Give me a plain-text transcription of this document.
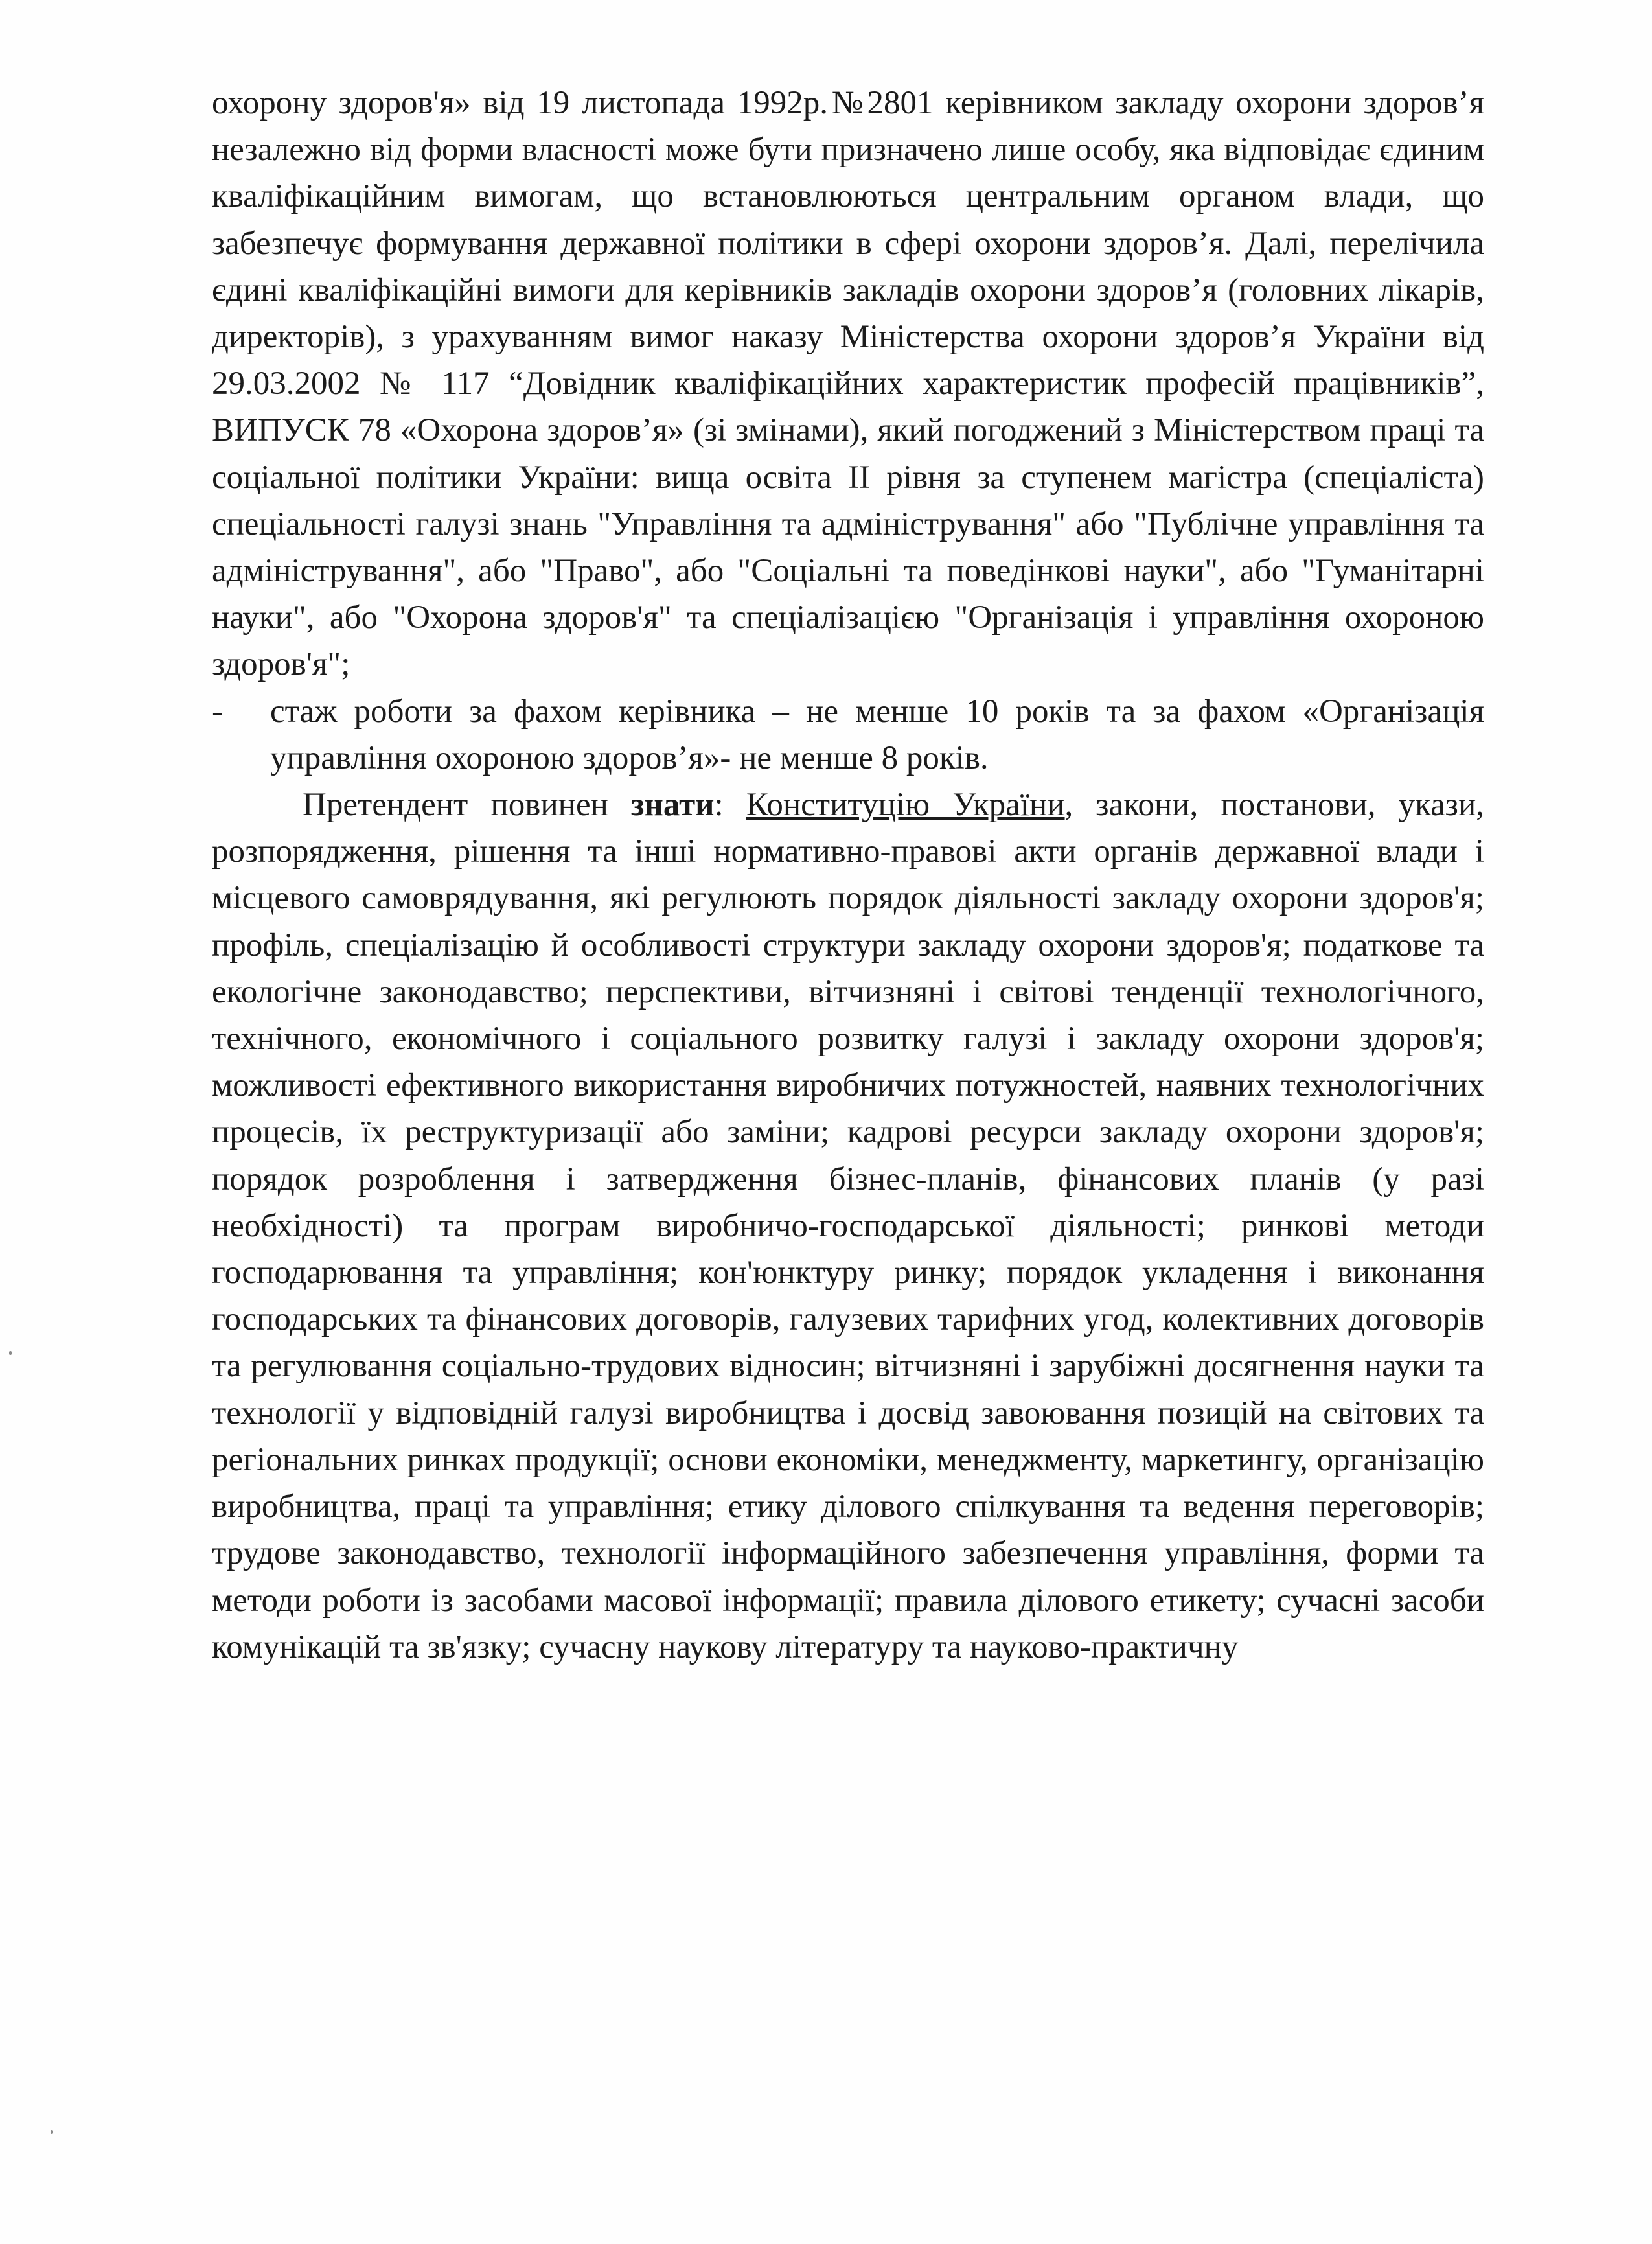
охорону здоров'я» від 19 листопада 1992р.№2801 керівником закладу охорони здоров’я незалежно від форми власності може бути призначено лише особу, яка відповідає єдиним кваліфікаційним вимогам, що встановлюються центральним органом влади, що забезпечує формування державної політики в сфері охорони здоров’я. Далі, перелічила єдині кваліфікаційні вимоги для керівників закладів охорони здоров’я (головних лікарів, директорів), з урахуванням вимог наказу Міністерства охорони здоров’я України від 29.03.2002 № 117 “Довідник кваліфікаційних характеристик професій працівників”, ВИПУСК 78 «Охорона здоров’я» (зі змінами), який погоджений з Міністерством праці та соціальної політики України: вища освіта II рівня за ступенем магістра (спеціаліста) спеціальності галузі знань "Управління та адміністрування" або "Публічне управління та адміністрування", або "Право", або "Соціальні та поведінкові науки", або "Гуманітарні науки", або "Охорона здоров'я" та спеціалізацією "Організація і управління охороною здоров'я";

-	стаж роботи за фахом керівника – не менше 10 років та за фахом «Організація управління охороною здоров’я»- не менше 8 років.

Претендент повинен знати: Конституцію України, закони, постанови, укази, розпорядження, рішення та інші нормативно-правові акти органів державної влади і місцевого самоврядування, які регулюють порядок діяльності закладу охорони здоров'я; профіль, спеціалізацію й особливості структури закладу охорони здоров'я; податкове та екологічне законодавство; перспективи, вітчизняні і світові тенденції технологічного, технічного, економічного і соціального розвитку галузі і закладу охорони здоров'я; можливості ефективного використання виробничих потужностей, наявних технологічних процесів, їх реструктуризації або заміни; кадрові ресурси закладу охорони здоров'я; порядок розроблення і затвердження бізнес-планів, фінансових планів (у разі необхідності) та програм виробничо-господарської діяльності; ринкові методи господарювання та управління; кон'юнктуру ринку; порядок укладення і виконання господарських та фінансових договорів, галузевих тарифних угод, колективних договорів та регулювання соціально-трудових відносин; вітчизняні і зарубіжні досягнення науки та технології у відповідній галузі виробництва і досвід завоювання позицій на світових та регіональних ринках продукції; основи економіки, менеджменту, маркетингу, організацію виробництва, праці та управління; етику ділового спілкування та ведення переговорів; трудове законодавство, технології інформаційного забезпечення управління, форми та методи роботи із засобами масової інформації; правила ділового етикету; сучасні засоби комунікацій та зв'язку; сучасну наукову літературу та науково-практичну
